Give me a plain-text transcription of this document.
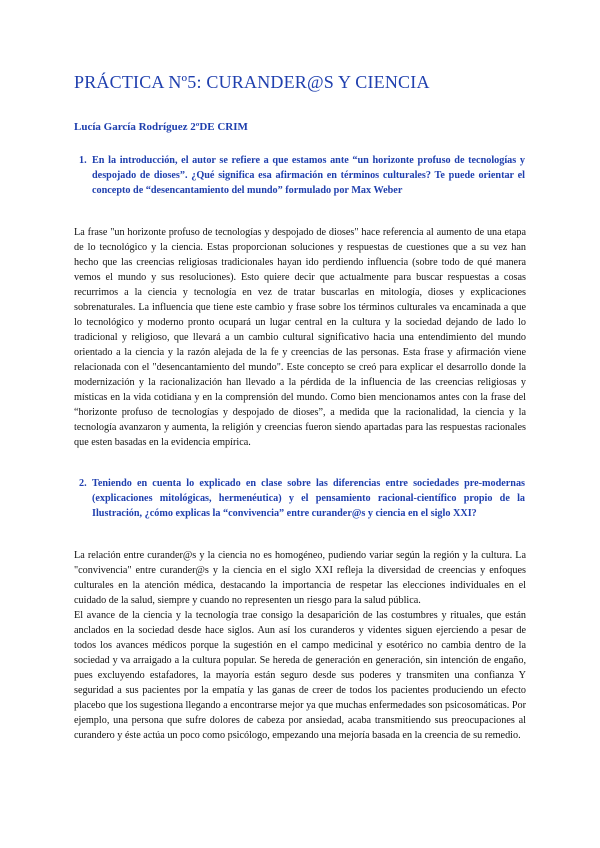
PRÁCTICA Nº5: CURANDER@S Y CIENCIA
Lucía García Rodríguez 2ºDE CRIM
1. En la introducción, el autor se refiere a que estamos ante “un horizonte profuso de tecnologías y despojado de dioses”. ¿Qué significa esa afirmación en términos culturales? Te puede orientar el concepto de “desencantamiento del mundo” formulado por Max Weber

La frase "un horizonte profuso de tecnologías y despojado de dioses" hace referencia al aumento de una etapa de lo tecnológico y la ciencia. Estas proporcionan soluciones y respuestas de cuestiones que a su vez han hecho que las creencias religiosas tradicionales hayan ido perdiendo influencia (sobre todo de qué manera vemos el mundo y sus resoluciones). Esto quiere decir que actualmente para buscar respuestas a cosas recurrimos a la ciencia y tecnología en vez de tratar buscarlas en mitología, dioses y explicaciones sobrenaturales. La influencia que tiene este cambio y frase sobre los términos culturales va encaminada a que lo tecnológico y moderno pronto ocupará un lugar central en la cultura y la sociedad dejando de lado lo tradicional y religioso, que llevará a un cambio cultural significativo hacia una entendimiento del mundo orientado a la ciencia y la razón alejada de la fe y creencias de las personas. Esta frase y afirmación viene relacionada con el "desencantamiento del mundo". Este concepto se creó para explicar el desarrollo donde la modernización y la racionalización han llevado a la pérdida de la influencia de las creencias religiosas y místicas en la vida cotidiana y en la comprensión del mundo. Como bien mencionamos antes con la frase del “horizonte profuso de tecnologías y despojado de dioses”, a medida que la racionalidad, la ciencia y la tecnología avanzaron y aumenta, la religión y creencias fueron siendo apartadas para las respuestas racionales que esten basadas en la evidencia empírica.

2. Teniendo en cuenta lo explicado en clase sobre las diferencias entre sociedades pre-modernas (explicaciones mitológicas, hermenéutica) y el pensamiento racional-científico propio de la Ilustración, ¿cómo explicas la “convivencia” entre curander@s y ciencia en el siglo XXI?

La relación entre curander@s y la ciencia no es homogéneo, pudiendo variar según la región y la cultura. La "convivencia" entre curander@s y la ciencia en el siglo XXI refleja la diversidad de creencias y enfoques culturales en la atención médica, destacando la importancia de respetar las elecciones individuales en el cuidado de la salud, siempre y cuando no representen un riesgo para la salud pública.

El avance de la ciencia y la tecnología trae consigo la desaparición de las costumbres y rituales, que están anclados en la sociedad desde hace siglos. Aun así los curanderos y videntes siguen ejerciendo a pesar de todos los avances médicos porque la sugestión en el campo medicinal y esotérico no cambia dentro de la sociedad y va arraigado a la cultura popular. Se hereda de generación en generación, sin intención de engaño, pues excluyendo estafadores, la mayoría están seguro desde sus poderes y transmiten una confianza Y seguridad a sus pacientes por la empatía y las ganas de creer de todos los pacientes produciendo un efecto placebo que los sugestiona llegando a encontrarse mejor ya que muchas enfermedades son psicosomáticas. Por ejemplo, una persona que sufre dolores de cabeza por ansiedad, acaba transmitiendo sus preocupaciones al curandero y éste actúa un poco como psicólogo, empezando una mejoría basada en la creencia de su remedio.
